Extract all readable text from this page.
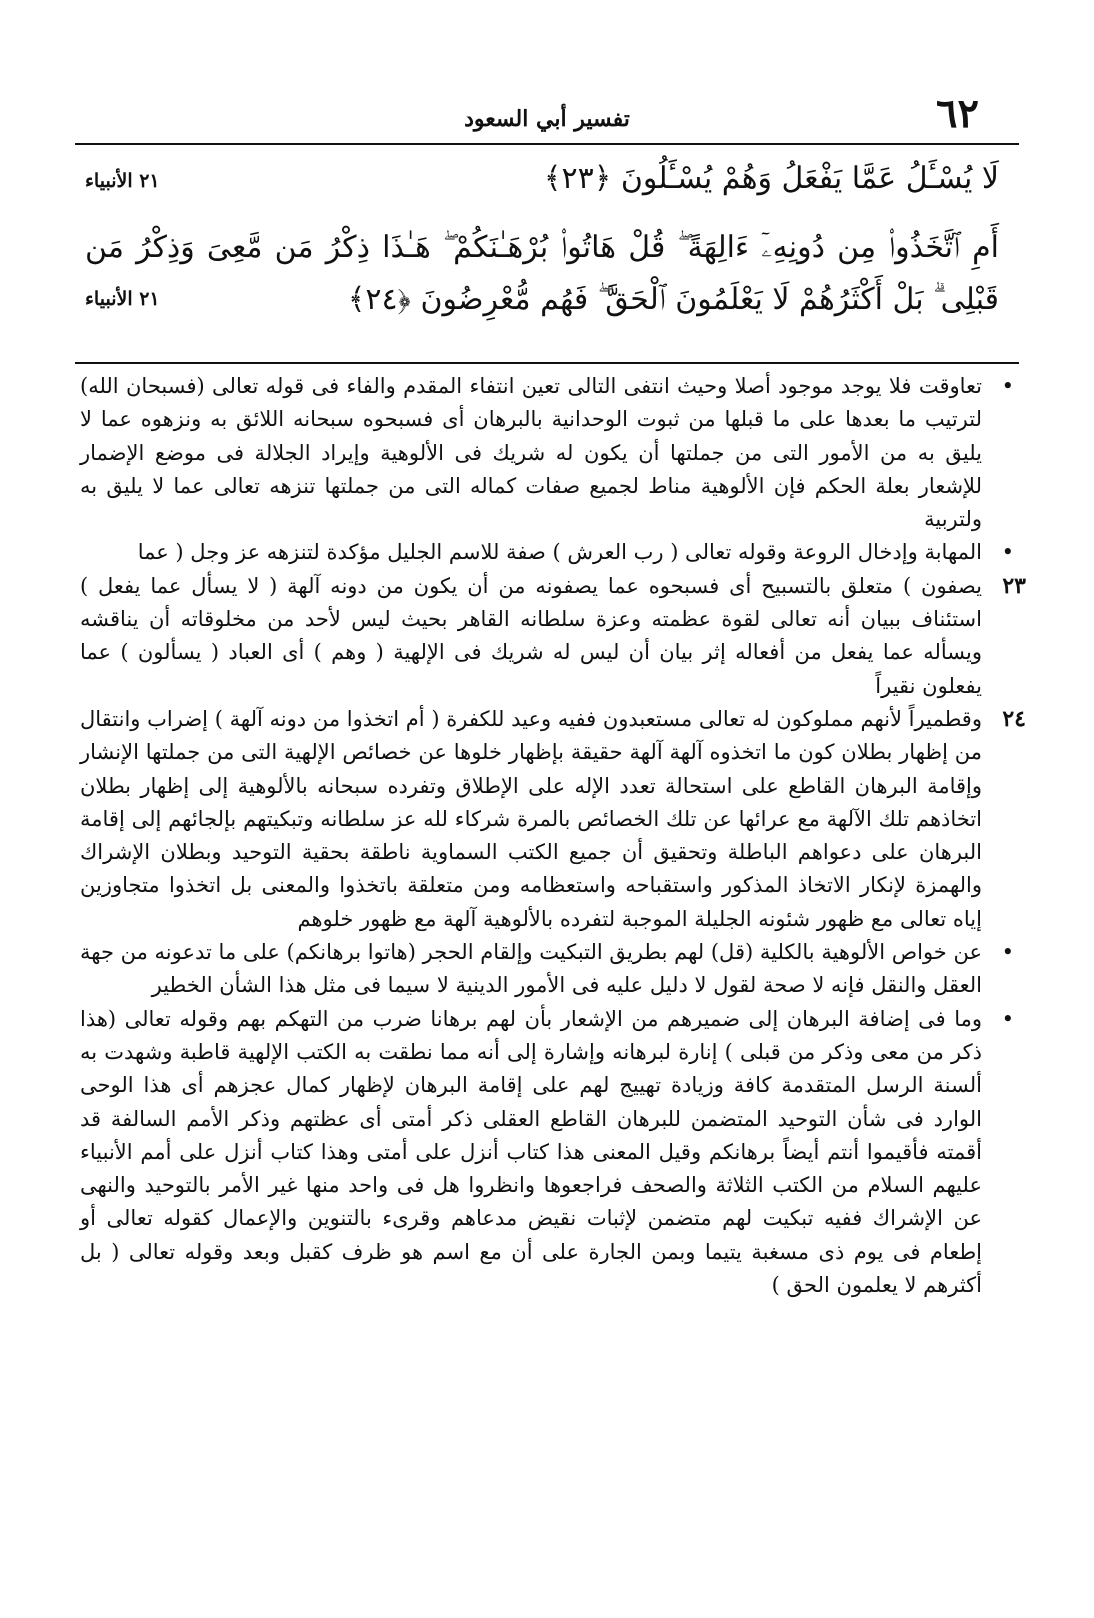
٦٢
تفسير أبي السعود
لَا يُسْـَٔلُ عَمَّا يَفْعَلُ وَهُمْ يُسْـَٔلُونَ ﴿٢٣﴾
٢١ الأنبياء
أَمِ ٱتَّخَذُوا۟ مِن دُونِهِۦٓ ءَالِهَةً ۖ قُلْ هَاتُوا۟ بُرْهَـٰنَكُمْ ۖ هَـٰذَا ذِكْرُ مَن مَّعِىَ وَذِكْرُ مَن قَبْلِى ۗ بَلْ أَكْثَرُهُمْ لَا يَعْلَمُونَ ٱلْحَقَّ ۖ فَهُم مُّعْرِضُونَ ﴿٢٤﴾
٢١ الأنبياء
•
تعاوقت فلا يوجد موجود أصلا وحيث انتفى التالى تعين انتفاء المقدم والفاء فى قوله تعالى (فسبحان الله) لترتيب ما بعدها على ما قبلها من ثبوت الوحدانية بالبرهان أى فسبحوه سبحانه اللائق به ونزهوه عما لا يليق به من الأمور التى من جملتها أن يكون له شريك فى الألوهية وإيراد الجلالة فى موضع الإضمار للإشعار بعلة الحكم فإن الألوهية مناط لجميع صفات كماله التى من جملتها تنزهه تعالى عما لا يليق به ولتربية
•
المهابة وإدخال الروعة وقوله تعالى ( رب العرش ) صفة للاسم الجليل مؤكدة لتنزهه عز وجل ( عما
٢٣
يصفون ) متعلق بالتسبيح أى فسبحوه عما يصفونه من أن يكون من دونه آلهة ( لا يسأل عما يفعل ) استئناف ببيان أنه تعالى لقوة عظمته وعزة سلطانه القاهر بحيث ليس لأحد من مخلوقاته أن يناقشه ويسأله عما يفعل من أفعاله إثر بيان أن ليس له شريك فى الإلهية ( وهم ) أى العباد ( يسألون ) عما يفعلون نقيراً
٢٤
وقطميراً لأنهم مملوكون له تعالى مستعبدون ففيه وعيد للكفرة ( أم اتخذوا من دونه آلهة ) إضراب وانتقال من إظهار بطلان كون ما اتخذوه آلهة آلهة حقيقة بإظهار خلوها عن خصائص الإلهية التى من جملتها الإنشار وإقامة البرهان القاطع على استحالة تعدد الإله على الإطلاق وتفرده سبحانه بالألوهية إلى إظهار بطلان اتخاذهم تلك الآلهة مع عرائها عن تلك الخصائص بالمرة شركاء لله عز سلطانه وتبكيتهم بإلجائهم إلى إقامة البرهان على دعواهم الباطلة وتحقيق أن جميع الكتب السماوية ناطقة بحقية التوحيد وبطلان الإشراك والهمزة لإنكار الاتخاذ المذكور واستقباحه واستعظامه ومن متعلقة باتخذوا والمعنى بل اتخذوا متجاوزين إياه تعالى مع ظهور شئونه الجليلة الموجبة لتفرده بالألوهية آلهة مع ظهور خلوهم
•
عن خواص الألوهية بالكلية (قل) لهم بطريق التبكيت وإلقام الحجر (هاتوا برهانكم) على ما تدعونه من جهة العقل والنقل فإنه لا صحة لقول لا دليل عليه فى الأمور الدينية لا سيما فى مثل هذا الشأن الخطير
•
وما فى إضافة البرهان إلى ضميرهم من الإشعار بأن لهم برهانا ضرب من التهكم بهم وقوله تعالى (هذا ذكر من معى وذكر من قبلى ) إنارة لبرهانه وإشارة إلى أنه مما نطقت به الكتب الإلهية قاطبة وشهدت به ألسنة الرسل المتقدمة كافة وزيادة تهييج لهم على إقامة البرهان لإظهار كمال عجزهم أى هذا الوحى الوارد فى شأن التوحيد المتضمن للبرهان القاطع العقلى ذكر أمتى أى عظتهم وذكر الأمم السالفة قد أقمته فأقيموا أنتم أيضاً برهانكم وقيل المعنى هذا كتاب أنزل على أمتى وهذا كتاب أنزل على أمم الأنبياء عليهم السلام من الكتب الثلاثة والصحف فراجعوها وانظروا هل فى واحد منها غير الأمر بالتوحيد والنهى عن الإشراك ففيه تبكيت لهم متضمن لإثبات نقيض مدعاهم وقرىء بالتنوين والإعمال كقوله تعالى أو إطعام فى يوم ذى مسغبة يتيما وبمن الجارة على أن مع اسم هو ظرف كقبل وبعد وقوله تعالى ( بل أكثرهم لا يعلمون الحق )
